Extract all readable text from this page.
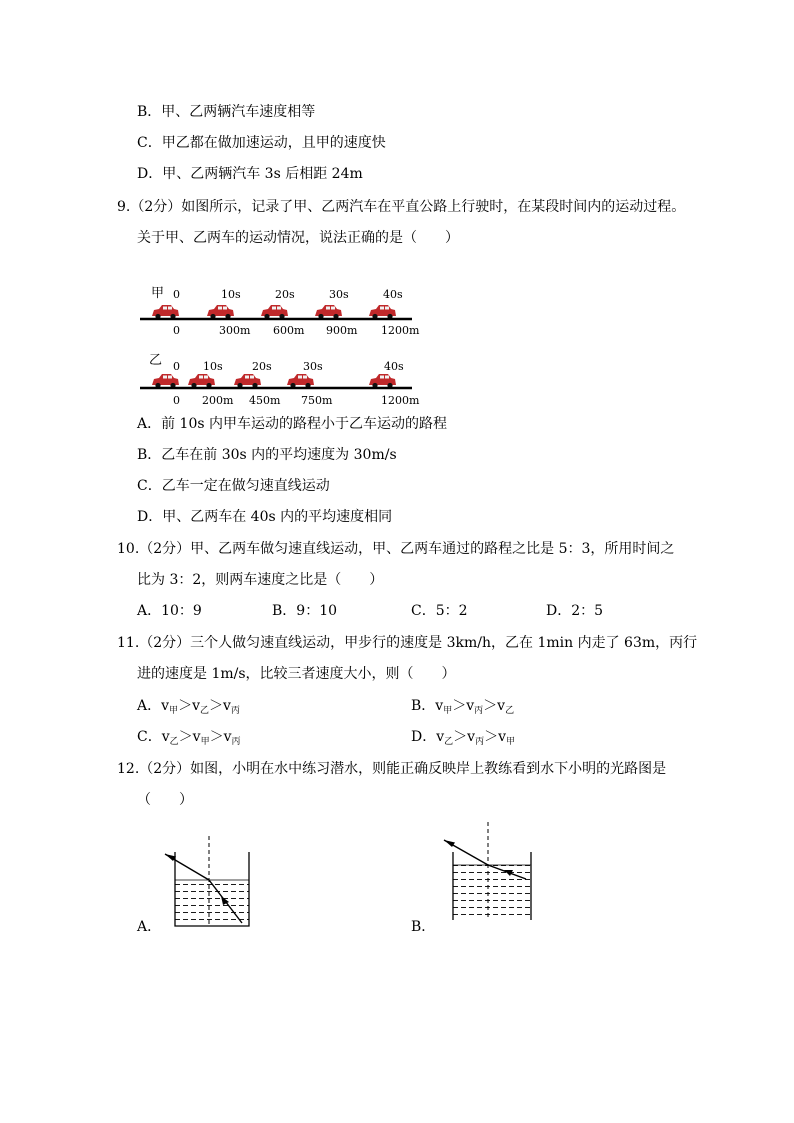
B．甲、乙两辆汽车速度相等
C．甲乙都在做加速运动，且甲的速度快
D．甲、乙两辆汽车 3s 后相距 24m
9.（2分）如图所示，记录了甲、乙两汽车在平直公路上行驶时，在某段时间内的运动过程。
关于甲、乙两车的运动情况，说法正确的是（　　）
甲 0	10s	20s	30s	40s
0	300m 600m 900m 1200m
乙 0 10s	20s	30s	40s
0 200m 450m 750m	1200m
A．前 10s 内甲车运动的路程小于乙车运动的路程
B．乙车在前 30s 内的平均速度为 30m/s
C．乙车一定在做匀速直线运动
D．甲、乙两车在 40s 内的平均速度相同
10.（2分）甲、乙两车做匀速直线运动，甲、乙两车通过的路程之比是 5：3，所用时间之
比为 3：2，则两车速度之比是（　　）
A．10：9	B．9：10	C．5：2	D．2：5
11.（2分）三个人做匀速直线运动，甲步行的速度是 3km/h，乙在 1min 内走了 63m，丙行
进的速度是 1m/s，比较三者速度大小，则（　　）
A．$v_甲>v_乙>v_丙$	B．$v_甲>v_丙>v_乙$
C．$v_乙>v_甲>v_丙$	D．$v_乙>v_丙>v_甲$
12.（2分）如图，小明在水中练习潜水，则能正确反映岸上教练看到水下小明的光路图是
（　　）
A．	B．
